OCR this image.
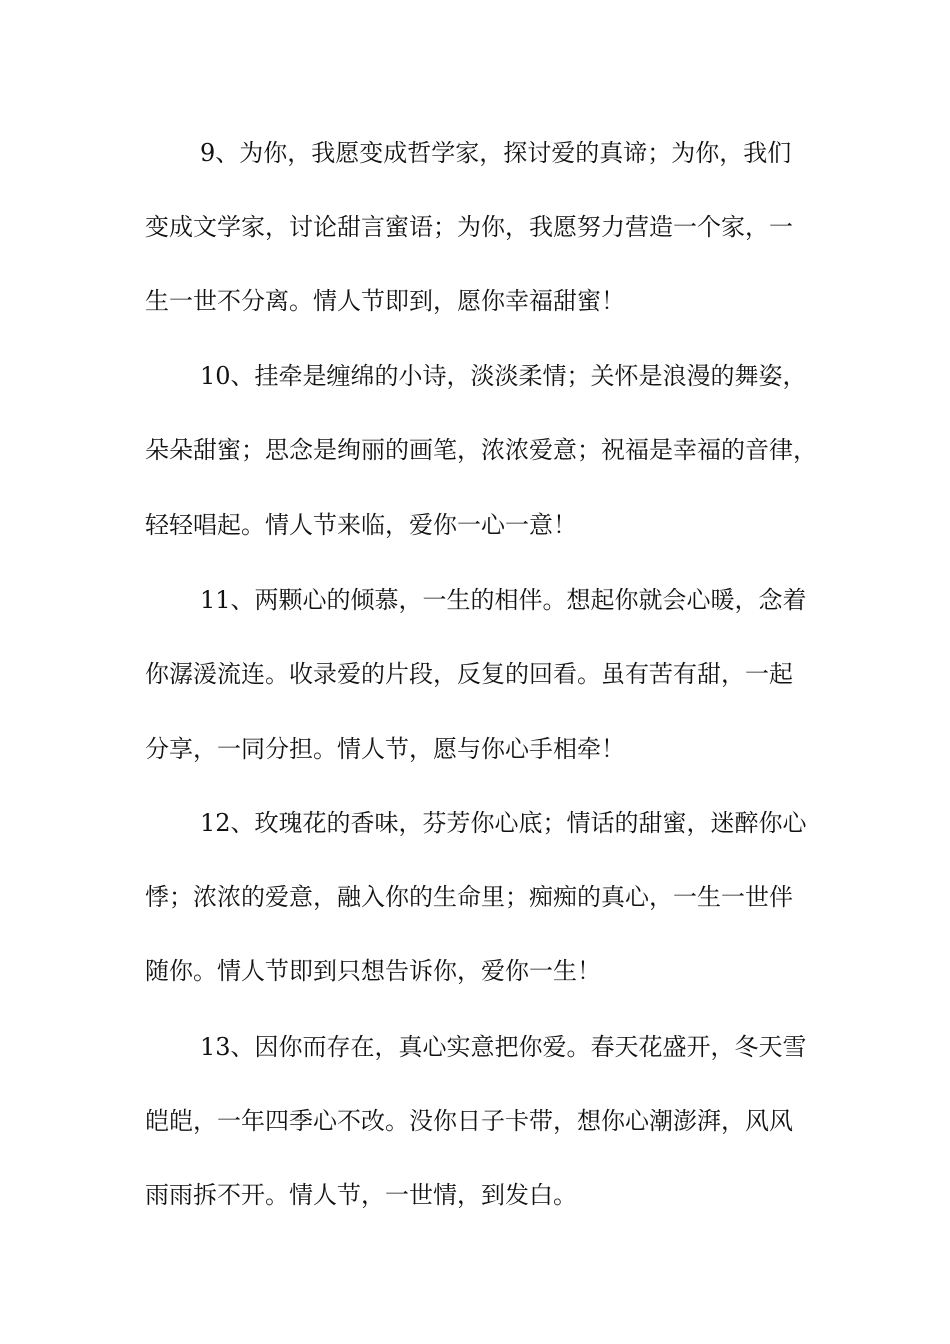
9、为你，我愿变成哲学家，探讨爱的真谛；为你，我们
变成文学家，讨论甜言蜜语；为你，我愿努力营造一个家，一
生一世不分离。情人节即到，愿你幸福甜蜜！
10、挂牵是缠绵的小诗，淡淡柔情；关怀是浪漫的舞姿，
朵朵甜蜜；思念是绚丽的画笔，浓浓爱意；祝福是幸福的音律，
轻轻唱起。情人节来临，爱你一心一意！
11、两颗心的倾慕，一生的相伴。想起你就会心暖，念着
你潺湲流连。收录爱的片段，反复的回看。虽有苦有甜，一起
分享，一同分担。情人节，愿与你心手相牵！
12、玫瑰花的香味，芬芳你心底；情话的甜蜜，迷醉你心
悸；浓浓的爱意，融入你的生命里；痴痴的真心，一生一世伴
随你。情人节即到只想告诉你，爱你一生！
13、因你而存在，真心实意把你爱。春天花盛开，冬天雪
皑皑，一年四季心不改。没你日子卡带，想你心潮澎湃，风风
雨雨拆不开。情人节，一世情，到发白。
